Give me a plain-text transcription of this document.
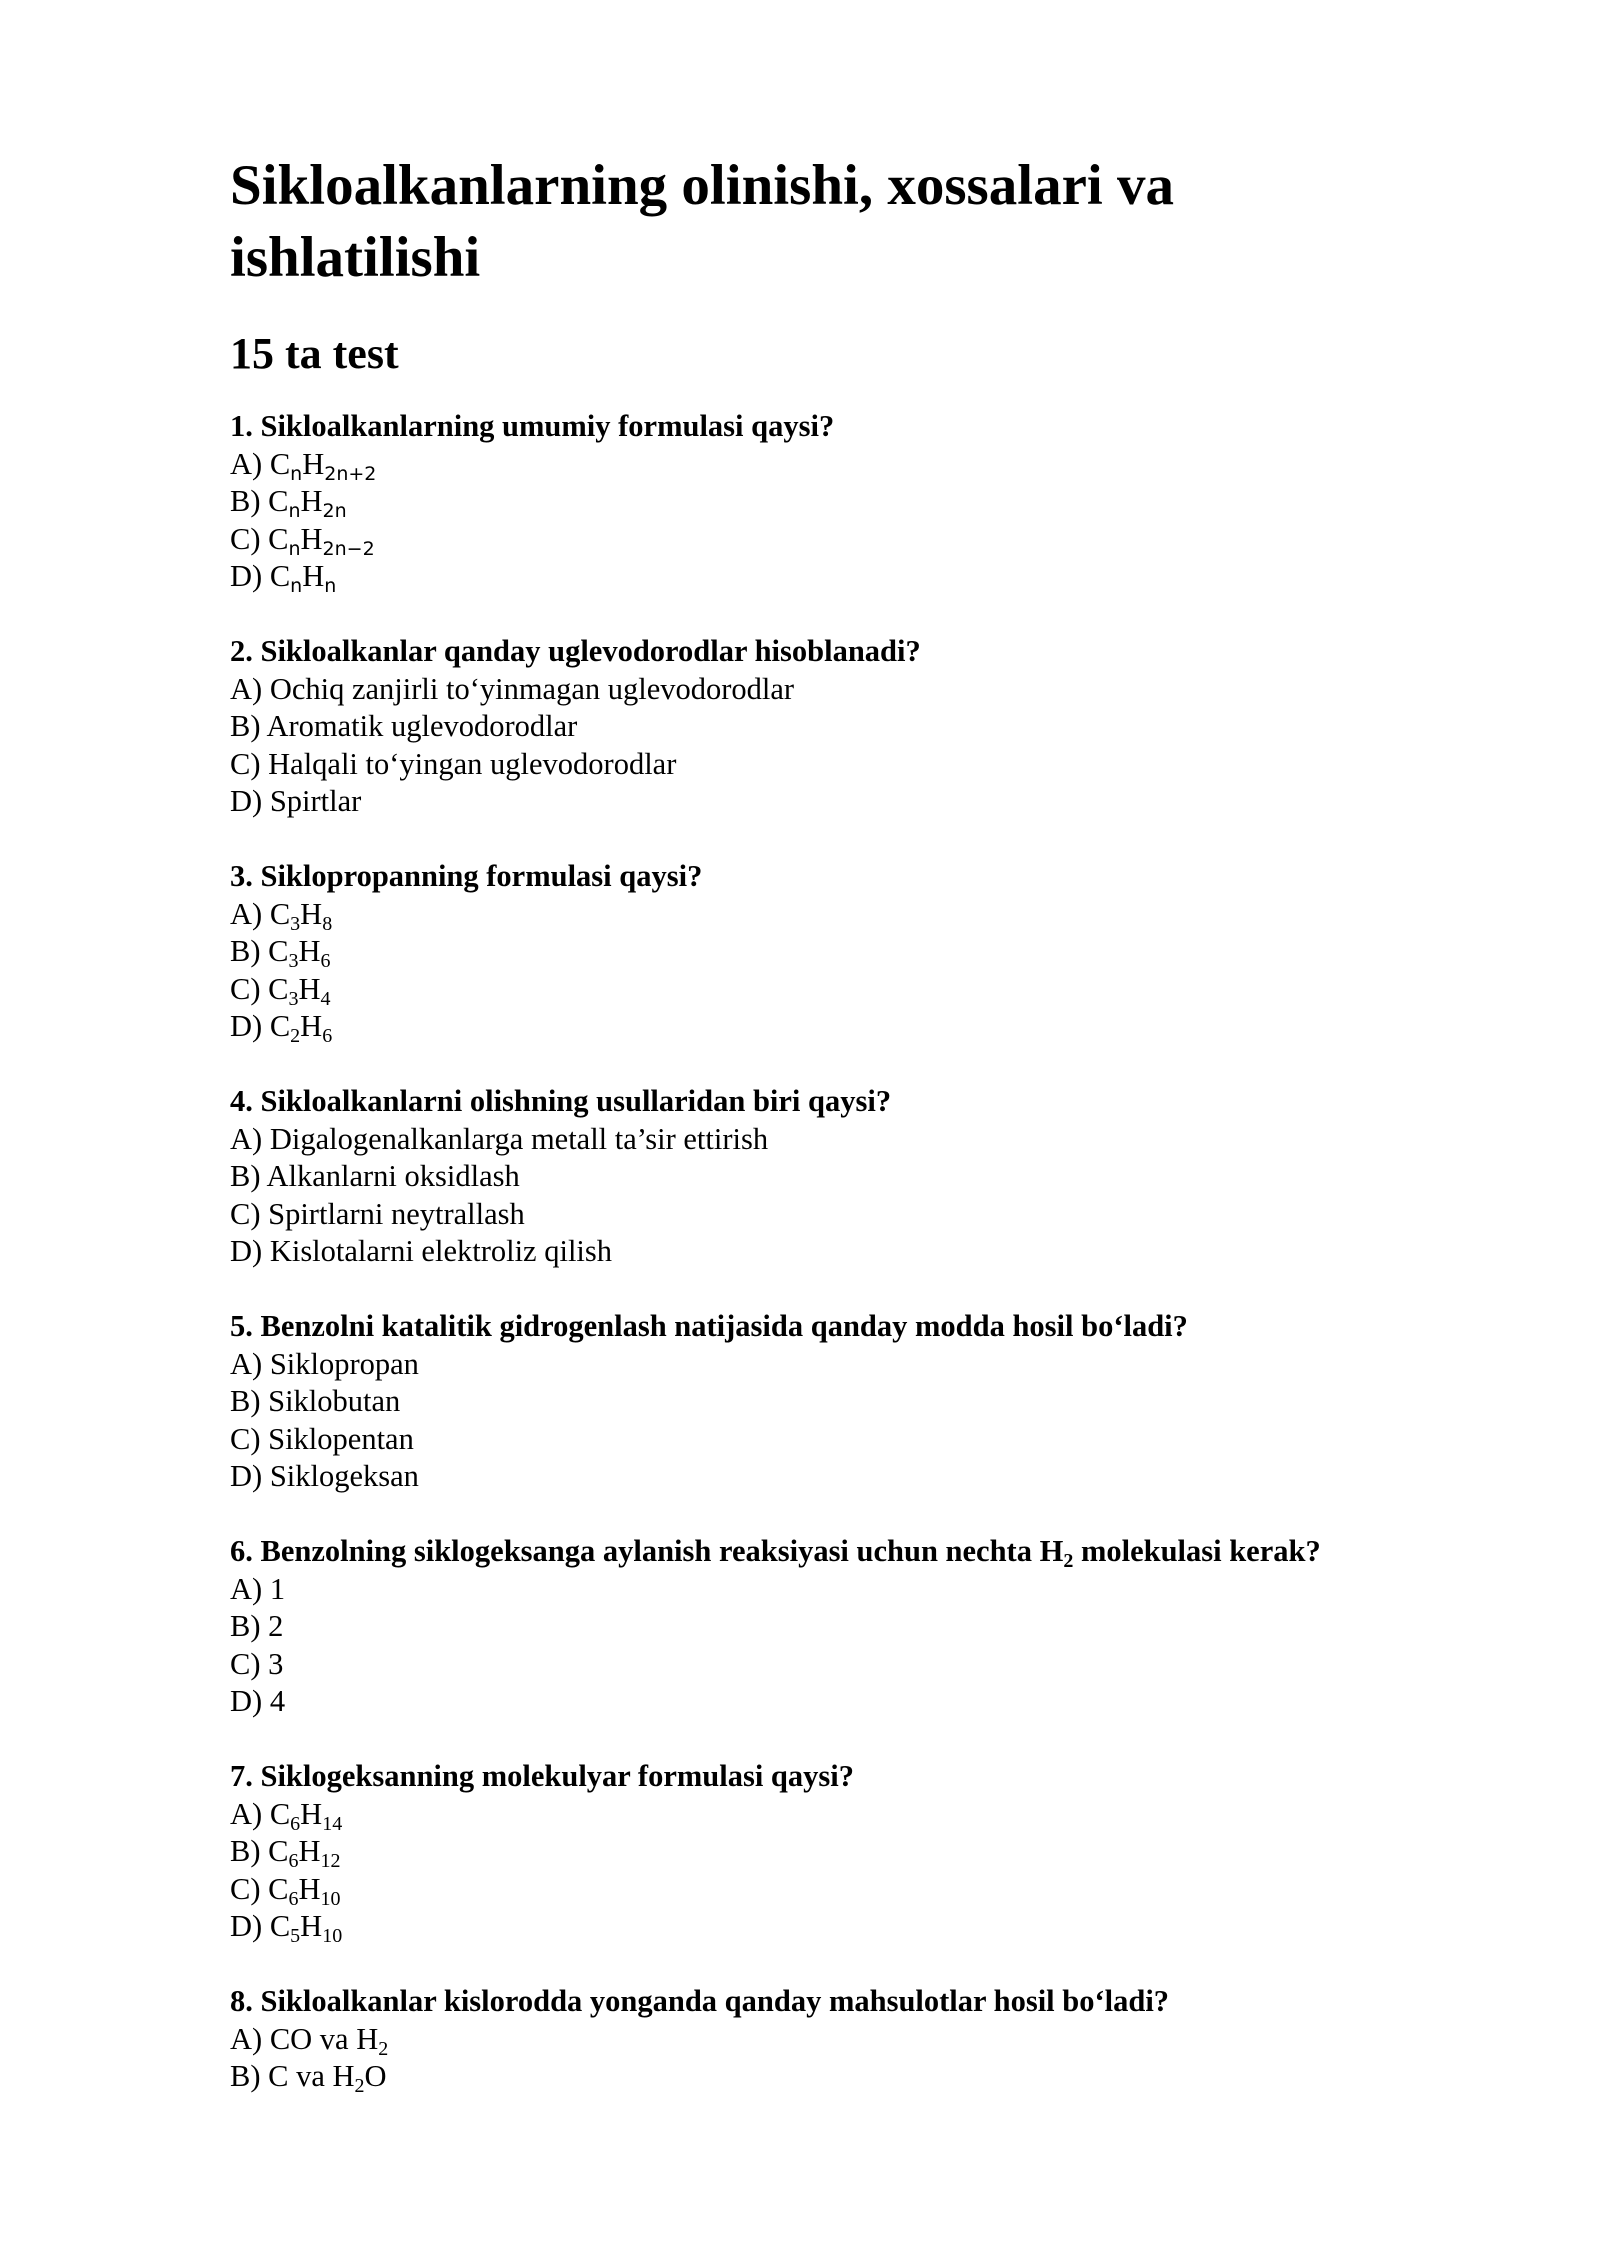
Sikloalkanlarning olinishi, xossalari va ishlatilishi
15 ta test
1. Sikloalkanlarning umumiy formulasi qaysi?
A) CnH2n+2
B) CnH2n
C) CnH2n−2
D) CnHn
2. Sikloalkanlar qanday uglevodorodlar hisoblanadi?
A) Ochiq zanjirli to‘yinmagan uglevodorodlar
B) Aromatik uglevodorodlar
C) Halqali to‘yingan uglevodorodlar
D) Spirtlar
3. Siklopropanning formulasi qaysi?
A) $C_3H_8$
B) $C_3H_6$
C) $C_3H_4$
D) $C_2H_6$
4. Sikloalkanlarni olishning usullaridan biri qaysi?
A) Digalogenalkanlarga metall ta’sir ettirish
B) Alkanlarni oksidlash
C) Spirtlarni neytrallash
D) Kislotalarni elektroliz qilish
5. Benzolni katalitik gidrogenlash natijasida qanday modda hosil bo‘ladi?
A) Siklopropan
B) Siklobutan
C) Siklopentan
D) Siklogeksan
6. Benzolning siklogeksanga aylanish reaksiyasi uchun nechta $H_2$ molekulasi kerak?
A) 1
B) 2
C) 3
D) 4
7. Siklogeksanning molekulyar formulasi qaysi?
A) $C_6H_{14}$
B) $C_6H_{12}$
C) $C_6H_{10}$
D) $C_5H_{10}$
8. Sikloalkanlar kislorodda yonganda qanday mahsulotlar hosil bo‘ladi?
A) CO va $H_2$
B) C va $H_2O$
